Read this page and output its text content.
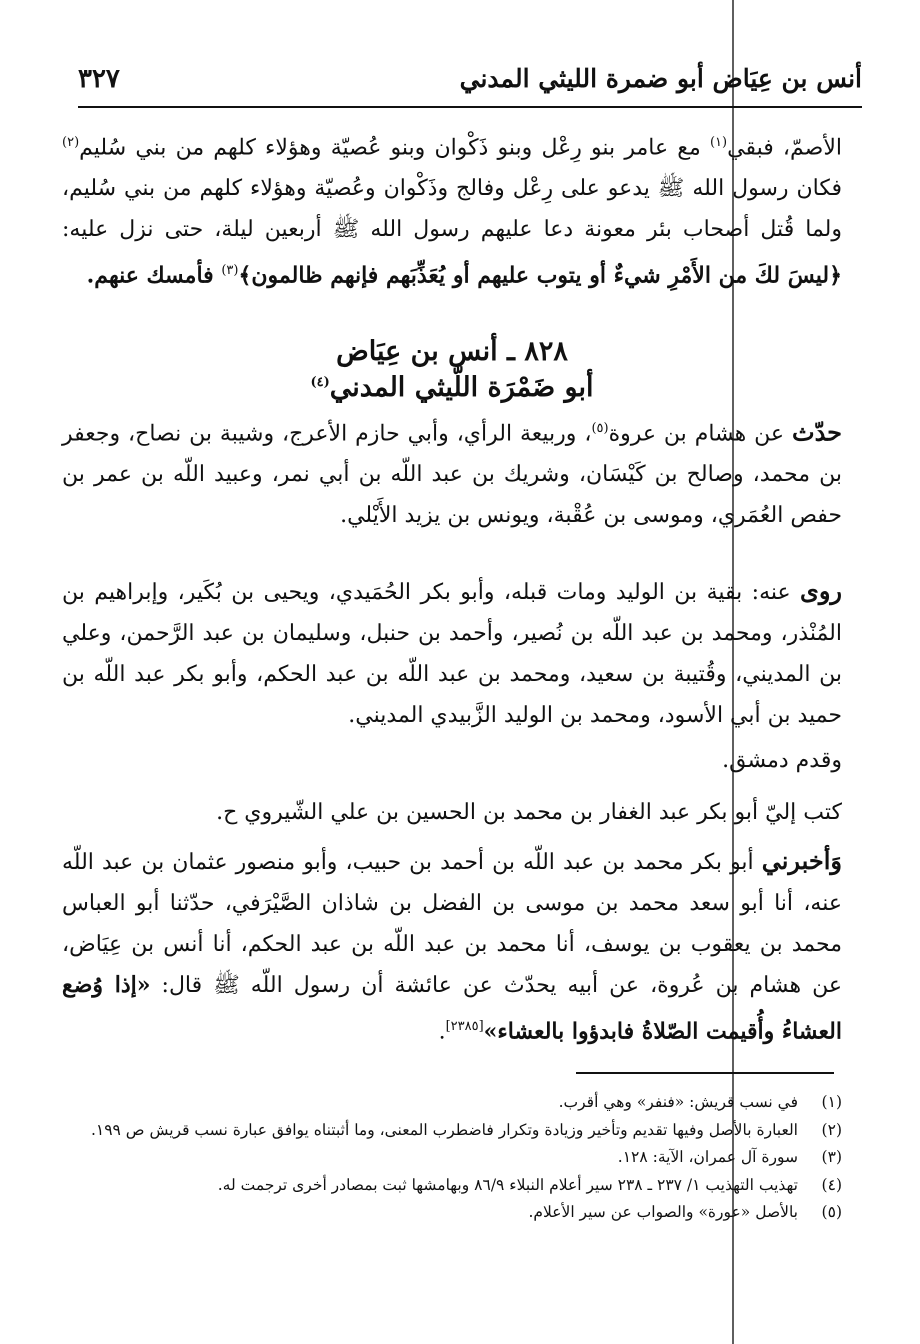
أنس بن عِيَاض أبو ضمرة الليثي المدني
٣٢٧

الأصمّ، فبقي$^{(١)}$ مع عامر بنو رِعْل وبنو ذَكْوان وبنو عُصيّة وهؤلاء كلهم من بني سُليم$^{(٢)}$ فكان رسول الله ﷺ يدعو على رِعْل وفالج وذَكْوان وعُصيّة وهؤلاء كلهم من بني سُليم، ولما قُتل أصحاب بئر معونة دعا عليهم رسول الله ﷺ أربعين ليلة، حتى نزل عليه: ﴿ليسَ لكَ من الأَمْرِ شيءٌ أو يتوب عليهم أو يُعَذِّبَهم فإنهم ظالمون﴾$^{(٣)}$ فأمسك عنهم.

٨٢٨ ـ أنس بن عِيَاض
أبو ضَمْرَة اللَّيثي المدني$^{(٤)}$

حدّث عن هشام بن عروة$^{(٥)}$، وربيعة الرأي، وأبي حازم الأعرج، وشيبة بن نصاح، وجعفر بن محمد، وصالح بن كَيْسَان، وشريك بن عبد اللّه بن أبي نمر، وعبيد اللّه بن عمر بن حفص العُمَري، وموسى بن عُقْبة، ويونس بن يزيد الأَيْلي.

روى عنه: بقية بن الوليد ومات قبله، وأبو بكر الحُمَيدي، ويحيى بن بُكَير، وإبراهيم بن المُنْذر، ومحمد بن عبد اللّه بن نُصير، وأحمد بن حنبل، وسليمان بن عبد الرَّحمن، وعلي بن المديني، وقُتيبة بن سعيد، ومحمد بن عبد اللّه بن عبد الحكم، وأبو بكر عبد اللّه بن حميد بن أبي الأسود، ومحمد بن الوليد الزَّبيدي المديني.

وقدم دمشق.

كتب إليّ أبو بكر عبد الغفار بن محمد بن الحسين بن علي الشّيروي ح.

وَأخبرني أبو بكر محمد بن عبد اللّه بن أحمد بن حبيب، وأبو منصور عثمان بن عبد اللّه عنه، أنا أبو سعد محمد بن موسى بن الفضل بن شاذان الصَّيْرَفي، حدّثنا أبو العباس محمد بن يعقوب بن يوسف، أنا محمد بن عبد اللّه بن عبد الحكم، أنا أنس بن عِيَاض، عن هشام بن عُروة، عن أبيه يحدّث عن عائشة أن رسول اللّه ﷺ قال: «إذا وُضع العشاءُ وأُقيمت الصّلاةُ فابدؤوا بالعشاء»[٢٣٨٥].

(١)
في نسب قريش: «فنفر» وهي أقرب.
(٢)
العبارة بالأصل وفيها تقديم وتأخير وزيادة وتكرار فاضطرب المعنى، وما أثبتناه يوافق عبارة نسب قريش ص ١٩٩.
(٣)
سورة آل عمران، الآية: ١٢٨.
(٤)
تهذيب التهذيب ١/ ٢٣٧ ـ ٢٣٨ سير أعلام النبلاء ٨٦/٩ وبهامشها ثبت بمصادر أخرى ترجمت له.
(٥)
بالأصل «عورة» والصواب عن سير الأعلام.
